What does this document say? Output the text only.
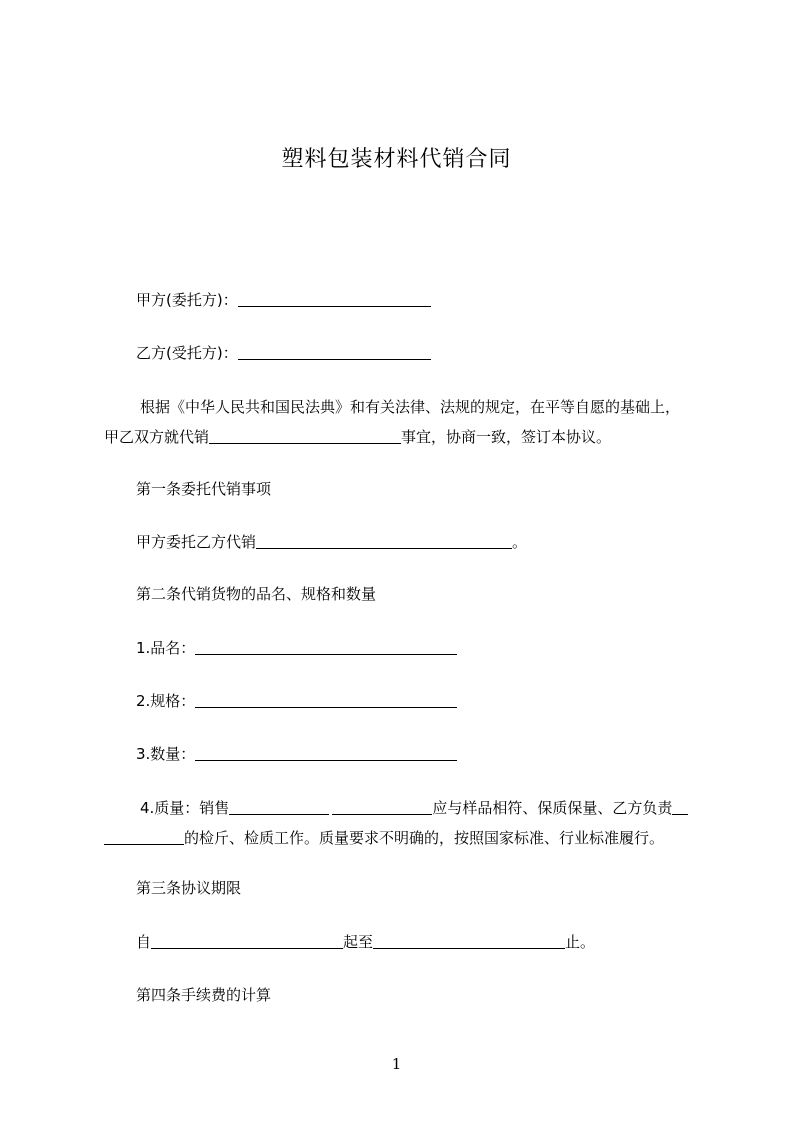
塑料包装材料代销合同
甲方(委托方)：
乙方(受托方)：
根据《中华人民共和国民法典》和有关法律、法规的规定，在平等自愿的基础上，
甲乙双方就代销	事宜，协商一致，签订本协议。
第一条委托代销事项
甲方委托乙方代销	。
第二条代销货物的品名、规格和数量
1.品名：
2.规格：
3.数量：
4.质量：销售	应与样品相符、保质保量、乙方负责
的检斤、检质工作。质量要求不明确的，按照国家标准、行业标准履行。
第三条协议期限
自	起至	止。
第四条手续费的计算
1
